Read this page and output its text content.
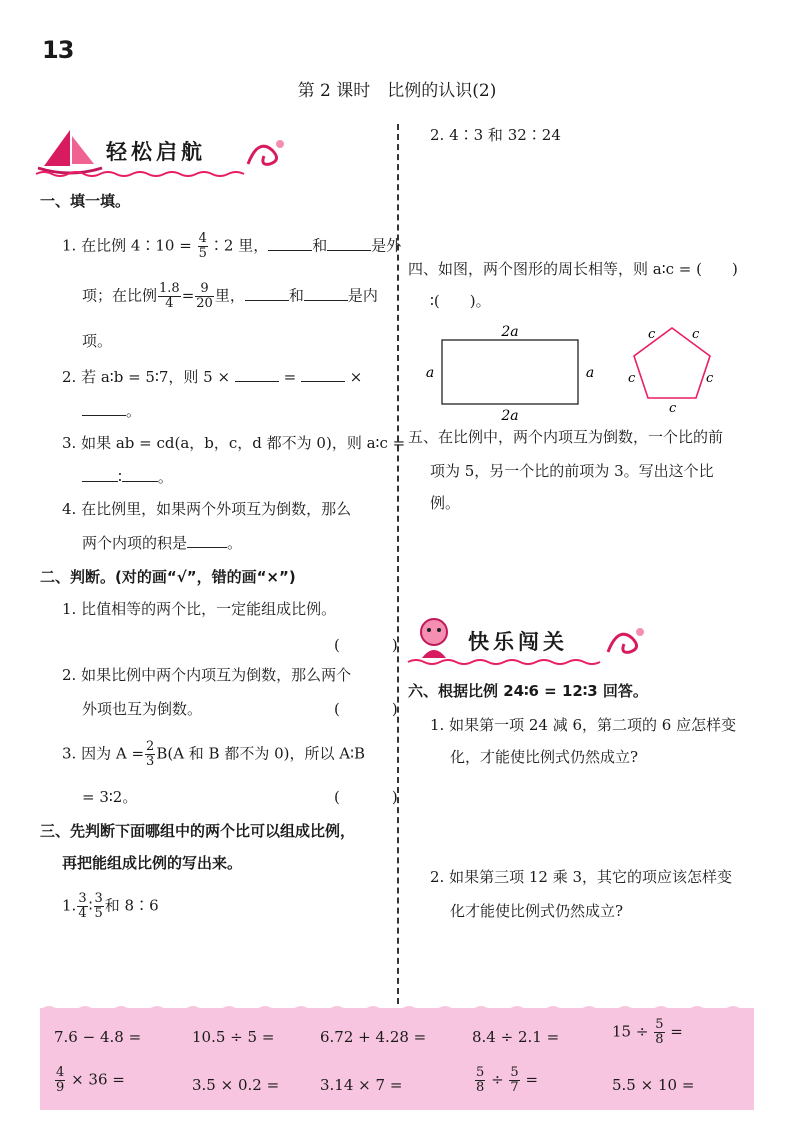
13
第 2 课时　比例的认识(2)
轻松启航
一、填一填。
1. 在比例 4∶10 = $\frac{4}{5}$ ∶2 里，	和	是外
项；在比例 $\frac{1.8}{4} = \frac{9}{20}$ 里，	和	是内
项。
2. 若 a∶b = 5∶7，则 5 ×	=	×
。
3. 如果 ab = cd(a，b，c，d 都不为 0)，则 a∶c =
∶ 。
4. 在比例里，如果两个外项互为倒数，那么
两个内项的积是	。
二、判断。(对的画“√”，错的画“×”)
1. 比值相等的两个比，一定能组成比例。
(	)
2. 如果比例中两个内项互为倒数，那么两个
外项也互为倒数。	(	)
3. 因为 $A = \frac{2}{3} B(A$ 和 B 都不为 0)，所以 A∶B
= 3∶2。	(	)
三、先判断下面哪组中的两个比可以组成比例，
再把能组成比例的写出来。
1. $\frac{3}{4}$ ∶ $\frac{3}{5}$ 和 8∶6
2. 4∶3 和 32∶24
四、如图，两个图形的周长相等，则 a∶c = (　　)
∶(　　)。
2a
2a
a	a
c	c
c	c
c
五、在比例中，两个内项互为倒数，一个比的前
项为 5，另一个比的前项为 3。写出这个比
例。
快乐闯关
六、根据比例 24∶6 = 12∶3 回答。
1. 如果第一项 24 减 6，第二项的 6 应怎样变
化，才能使比例式仍然成立?
2. 如果第三项 12 乘 3，其它的项应该怎样变
化才能使比例式仍然成立?
7.6 − 4.8 =	10.5 ÷ 5 =	6.72 + 4.28 =	8.4 ÷ 2.1 =	$15 \div \frac{5}{8}$ =
$\frac{4}{9} \times 36$ =	3.5 × 0.2 =	3.14 × 7 =	$\frac{5}{8} \div \frac{5}{7}$ =	5.5 × 10 =
